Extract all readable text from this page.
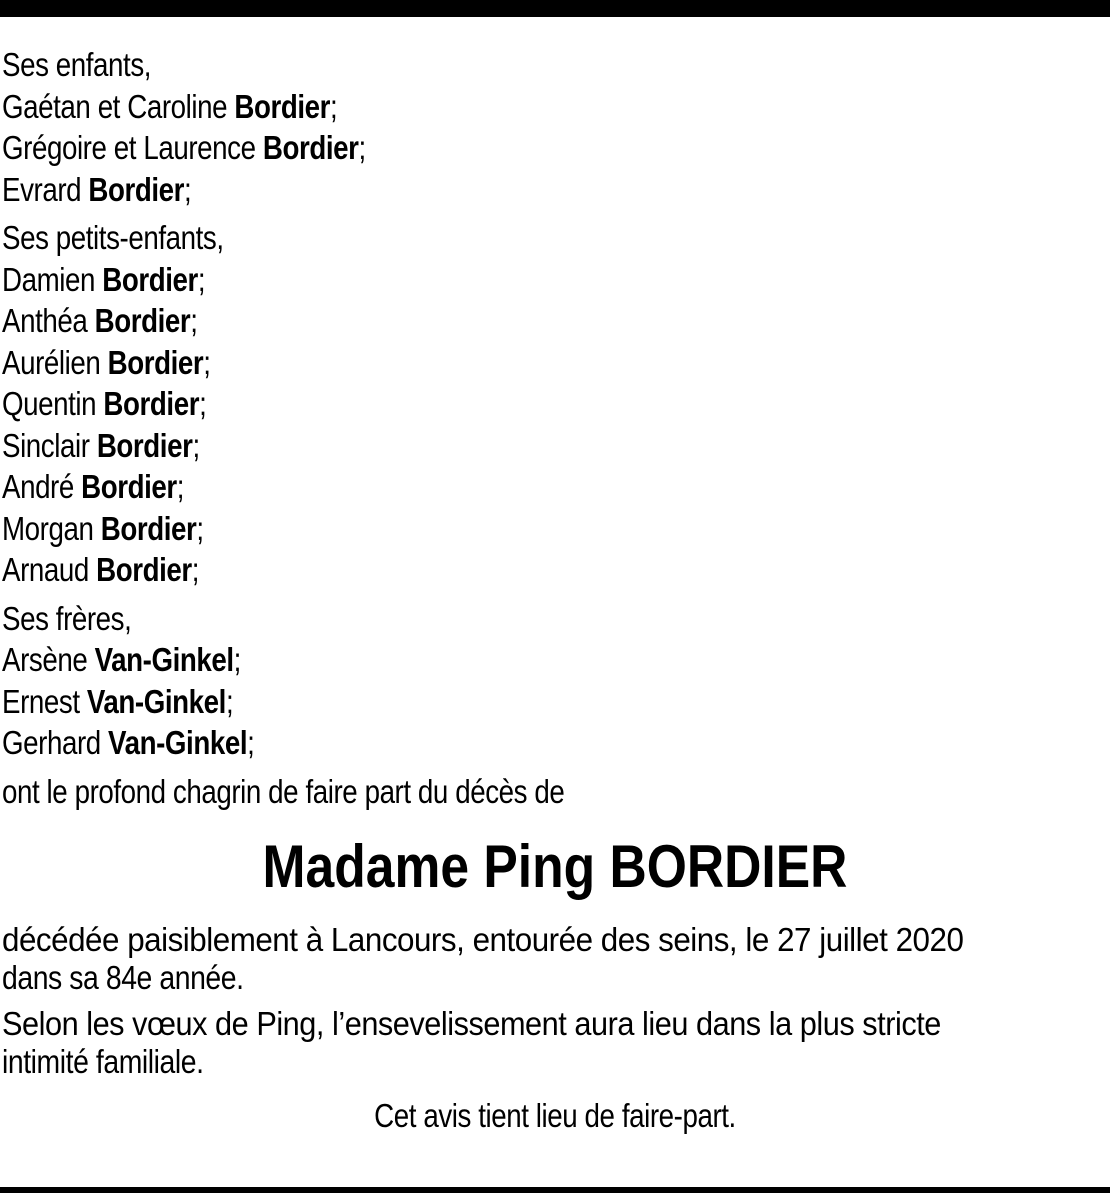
Ses enfants,
Gaétan et Caroline Bordier;
Grégoire et Laurence Bordier;
Evrard Bordier;
Ses petits-enfants,
Damien Bordier;
Anthéa Bordier;
Aurélien Bordier;
Quentin Bordier;
Sinclair Bordier;
André Bordier;
Morgan Bordier;
Arnaud Bordier;
Ses frères,
Arsène Van-Ginkel;
Ernest Van-Ginkel;
Gerhard Van-Ginkel;
ont le profond chagrin de faire part du décès de
Madame Ping BORDIER
décédée paisiblement à Lancours, entourée des seins, le 27 juillet 2020
dans sa 84e année.
Selon les vœux de Ping, l’ensevelissement aura lieu dans la plus stricte
intimité familiale.
Cet avis tient lieu de faire-part.
